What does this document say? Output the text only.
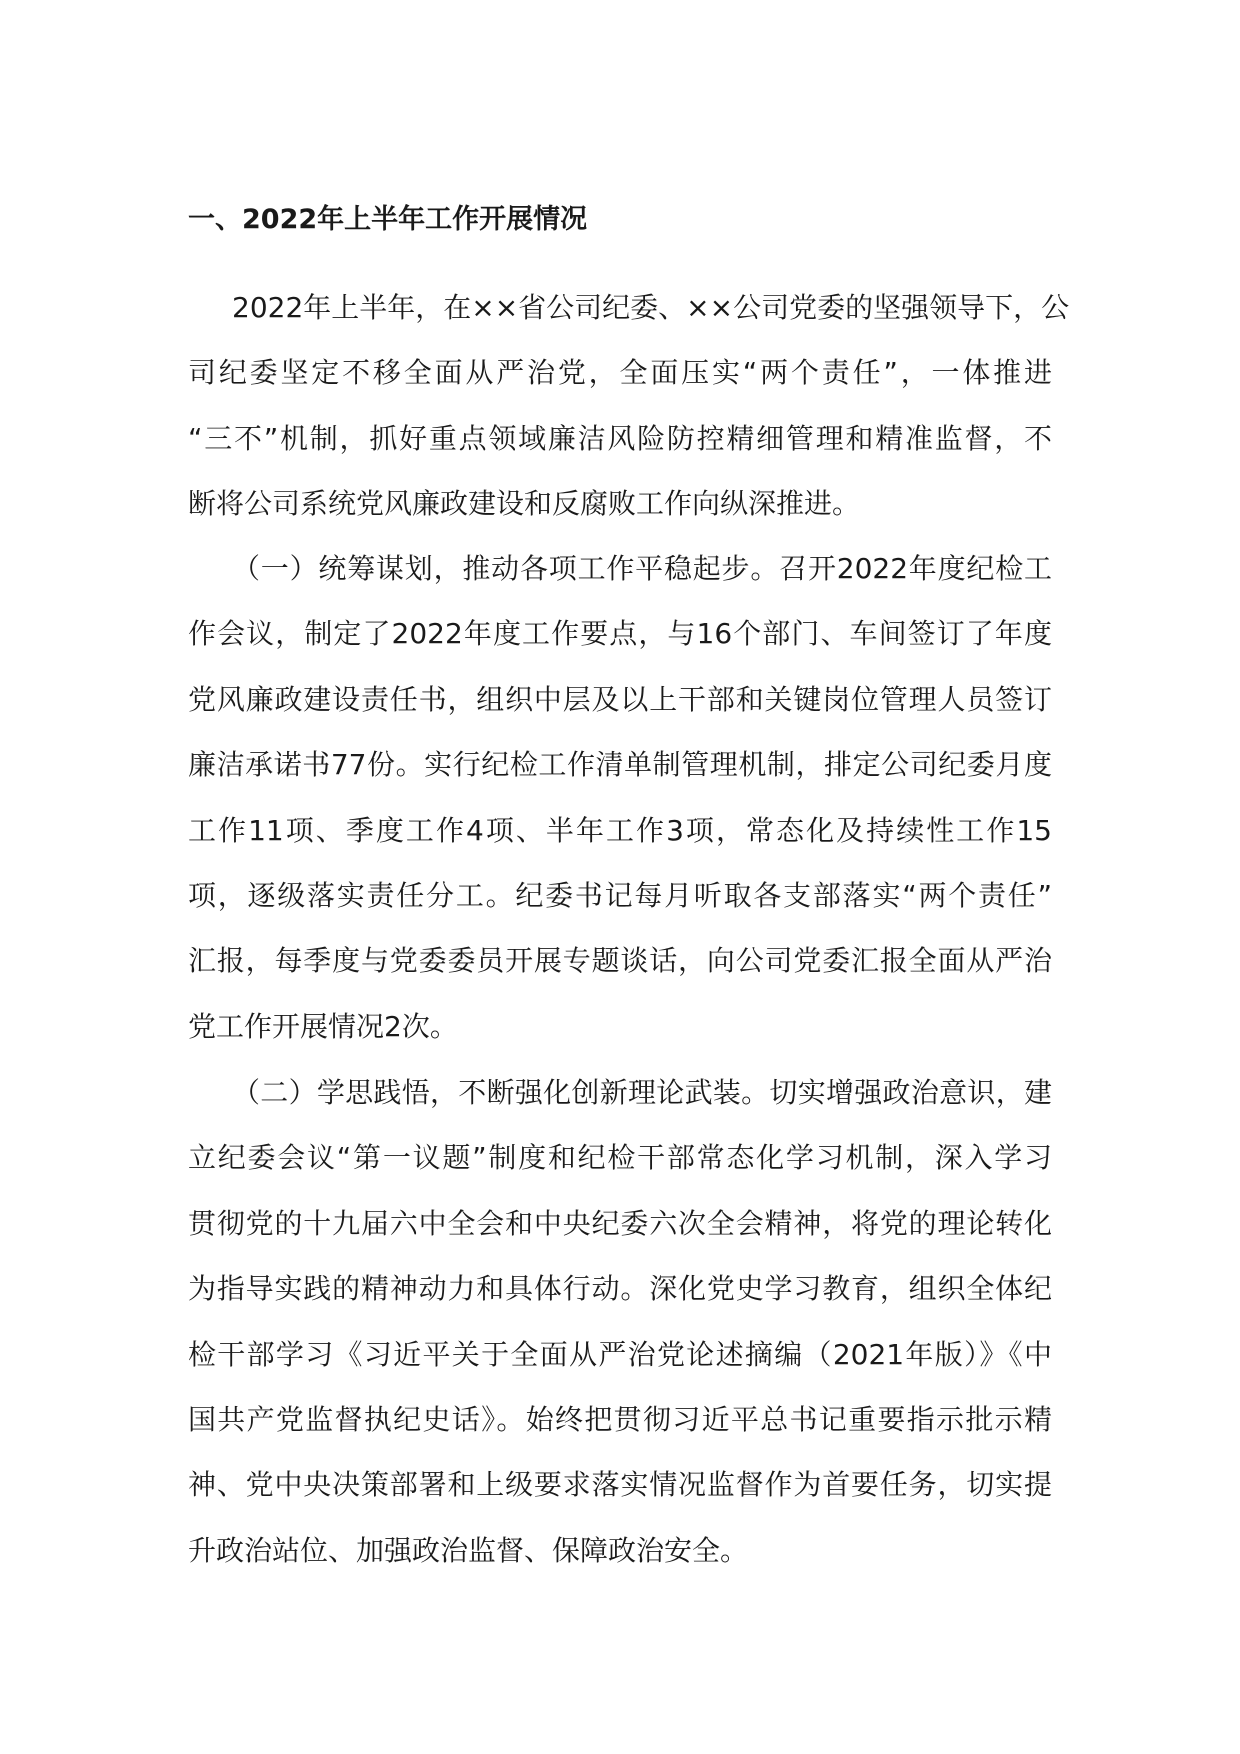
一、2022年上半年工作开展情况
2022年上半年，在××省公司纪委、××公司党委的坚强领导下，公
司纪委坚定不移全面从严治党，全面压实“两个责任”，一体推进
“三不”机制，抓好重点领域廉洁风险防控精细管理和精准监督，不
断将公司系统党风廉政建设和反腐败工作向纵深推进。
（一）统筹谋划，推动各项工作平稳起步。召开2022年度纪检工
作会议，制定了2022年度工作要点，与16个部门、车间签订了年度
党风廉政建设责任书，组织中层及以上干部和关键岗位管理人员签订
廉洁承诺书77份。实行纪检工作清单制管理机制，排定公司纪委月度
工作11项、季度工作4项、半年工作3项，常态化及持续性工作15
项，逐级落实责任分工。纪委书记每月听取各支部落实“两个责任”
汇报，每季度与党委委员开展专题谈话，向公司党委汇报全面从严治
党工作开展情况2次。
（二）学思践悟，不断强化创新理论武装。切实增强政治意识，建
立纪委会议“第一议题”制度和纪检干部常态化学习机制，深入学习
贯彻党的十九届六中全会和中央纪委六次全会精神，将党的理论转化
为指导实践的精神动力和具体行动。深化党史学习教育，组织全体纪
检干部学习《习近平关于全面从严治党论述摘编（2021年版）》《中
国共产党监督执纪史话》。始终把贯彻习近平总书记重要指示批示精
神、党中央决策部署和上级要求落实情况监督作为首要任务，切实提
升政治站位、加强政治监督、保障政治安全。
